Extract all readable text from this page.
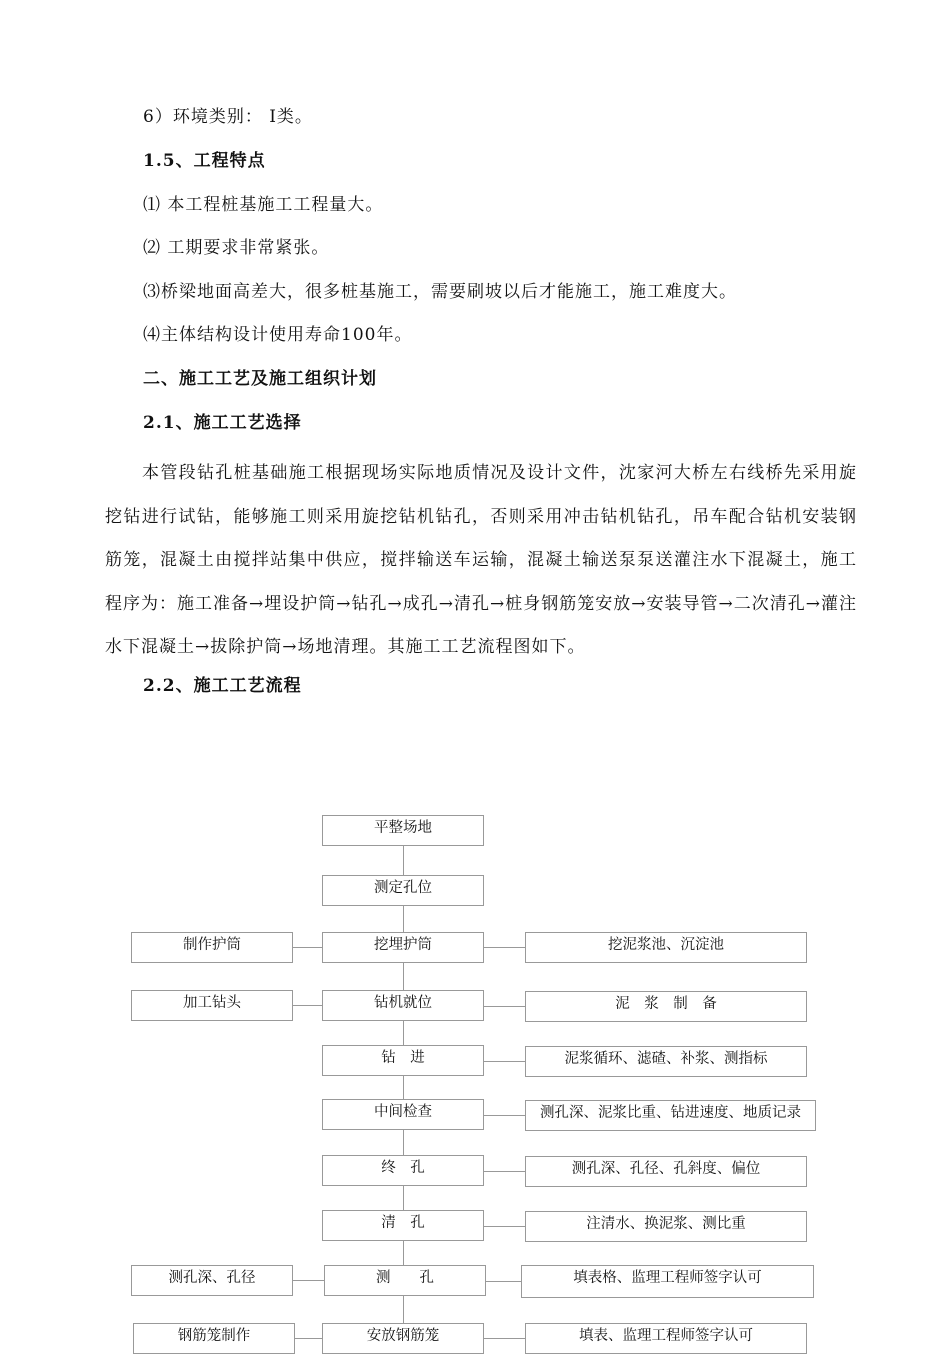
6）环境类别： I类。
1.5、工程特点
⑴ 本工程桩基施工工程量大。
⑵ 工期要求非常紧张。
⑶桥梁地面高差大，很多桩基施工，需要刷坡以后才能施工，施工难度大。
⑷主体结构设计使用寿命100年。
二、施工工艺及施工组织计划
2.1、施工工艺选择
本管段钻孔桩基础施工根据现场实际地质情况及设计文件，沈家河大桥左右线桥先采用旋挖钻进行试钻，能够施工则采用旋挖钻机钻孔，否则采用冲击钻机钻孔，吊车配合钻机安装钢筋笼，混凝土由搅拌站集中供应，搅拌输送车运输，混凝土输送泵泵送灌注水下混凝土，施工程序为：施工准备→埋设护筒→钻孔→成孔→清孔→桩身钢筋笼安放→安装导管→二次清孔→灌注水下混凝土→拔除护筒→场地清理。其施工工艺流程图如下。
2.2、施工工艺流程
平整场地
测定孔位
挖埋护筒
钻机就位
钻　进
中间检查
终　孔
清　孔
测　　孔
安放钢筋笼
制作护筒
加工钻头
测孔深、孔径
钢筋笼制作
挖泥浆池、沉淀池
泥　浆　制　备
泥浆循环、滤碴、补浆、测指标
测孔深、泥浆比重、钻进速度、地质记录
测孔深、孔径、孔斜度、偏位
注清水、换泥浆、测比重
填表格、监理工程师签字认可
填表、监理工程师签字认可
